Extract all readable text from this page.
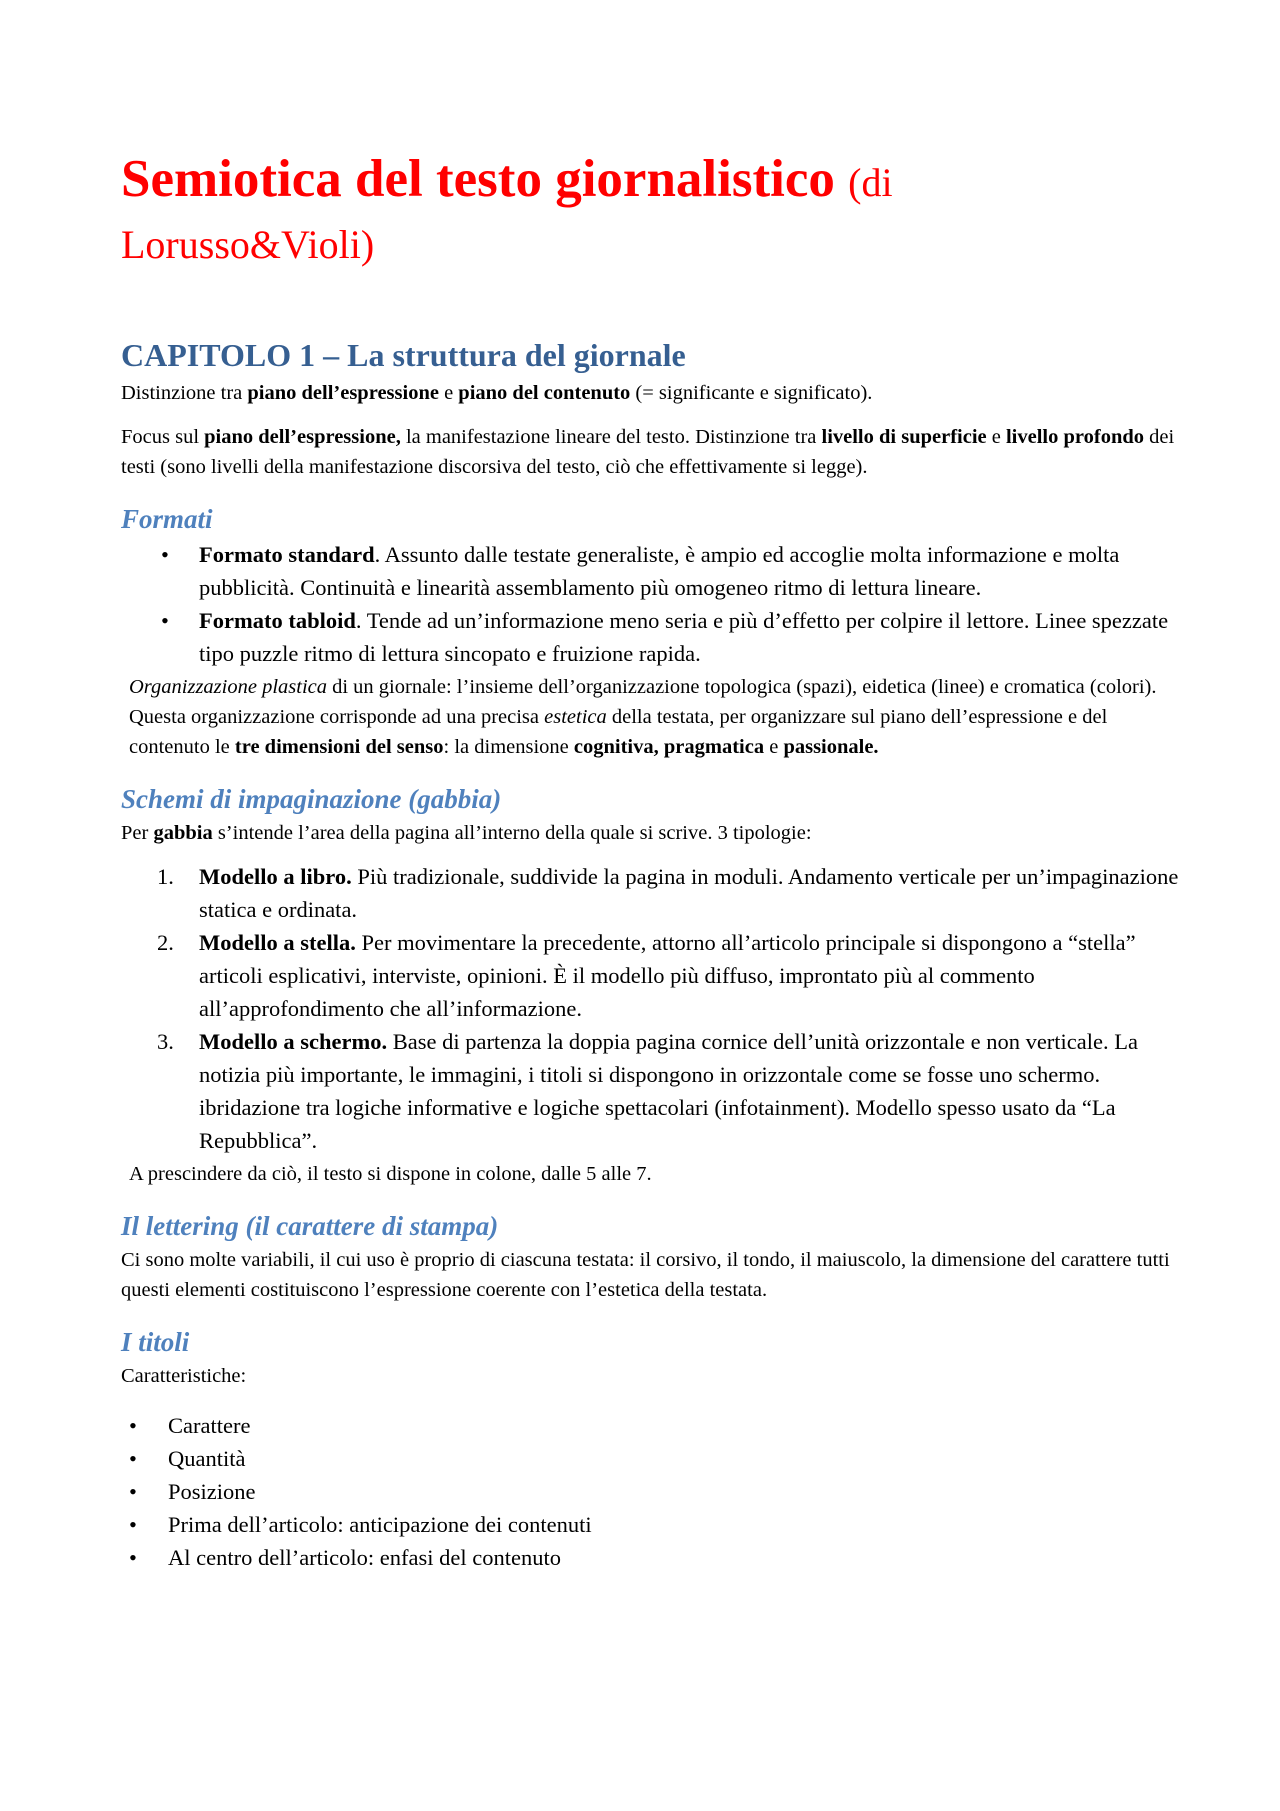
Semiotica del testo giornalistico (di
Lorusso&Violi)
CAPITOLO 1 – La struttura del giornale

Distinzione tra piano dell’espressione e piano del contenuto (= significante e significato).

Focus sul piano dell’espressione, la manifestazione lineare del testo. Distinzione tra livello di superficie e livello profondo dei testi (sono livelli della manifestazione discorsiva del testo, ciò che effettivamente si legge).

Formati
•	Formato standard. Assunto dalle testate generaliste, è ampio ed accoglie molta informazione e molta pubblicità. Continuità e linearità assemblamento più omogeneo ritmo di lettura lineare.
•	Formato tabloid. Tende ad un’informazione meno seria e più d’effetto per colpire il lettore. Linee spezzate tipo puzzle ritmo di lettura sincopato e fruizione rapida.

Organizzazione plastica di un giornale: l’insieme dell’organizzazione topologica (spazi), eidetica (linee) e cromatica (colori). Questa organizzazione corrisponde ad una precisa estetica della testata, per organizzare sul piano dell’espressione e del contenuto le tre dimensioni del senso: la dimensione cognitiva, pragmatica e passionale.

Schemi di impaginazione (gabbia)

Per gabbia s’intende l’area della pagina all’interno della quale si scrive. 3 tipologie:

1.	Modello a libro. Più tradizionale, suddivide la pagina in moduli. Andamento verticale per un’impaginazione statica e ordinata.
2.	Modello a stella. Per movimentare la precedente, attorno all’articolo principale si dispongono a “stella” articoli esplicativi, interviste, opinioni. È il modello più diffuso, improntato più al commento all’approfondimento che all’informazione.
3.	Modello a schermo. Base di partenza la doppia pagina cornice dell’unità orizzontale e non verticale. La notizia più importante, le immagini, i titoli si dispongono in orizzontale come se fosse uno schermo. ibridazione tra logiche informative e logiche spettacolari (infotainment). Modello spesso usato da “La Repubblica”.

A prescindere da ciò, il testo si dispone in colone, dalle 5 alle 7.

Il lettering (il carattere di stampa)

Ci sono molte variabili, il cui uso è proprio di ciascuna testata: il corsivo, il tondo, il maiuscolo, la dimensione del carattere tutti questi elementi costituiscono l’espressione coerente con l’estetica della testata.

I titoli

Caratteristiche:

•	Carattere
•	Quantità
•	Posizione
•	Prima dell’articolo: anticipazione dei contenuti
•	Al centro dell’articolo: enfasi del contenuto
